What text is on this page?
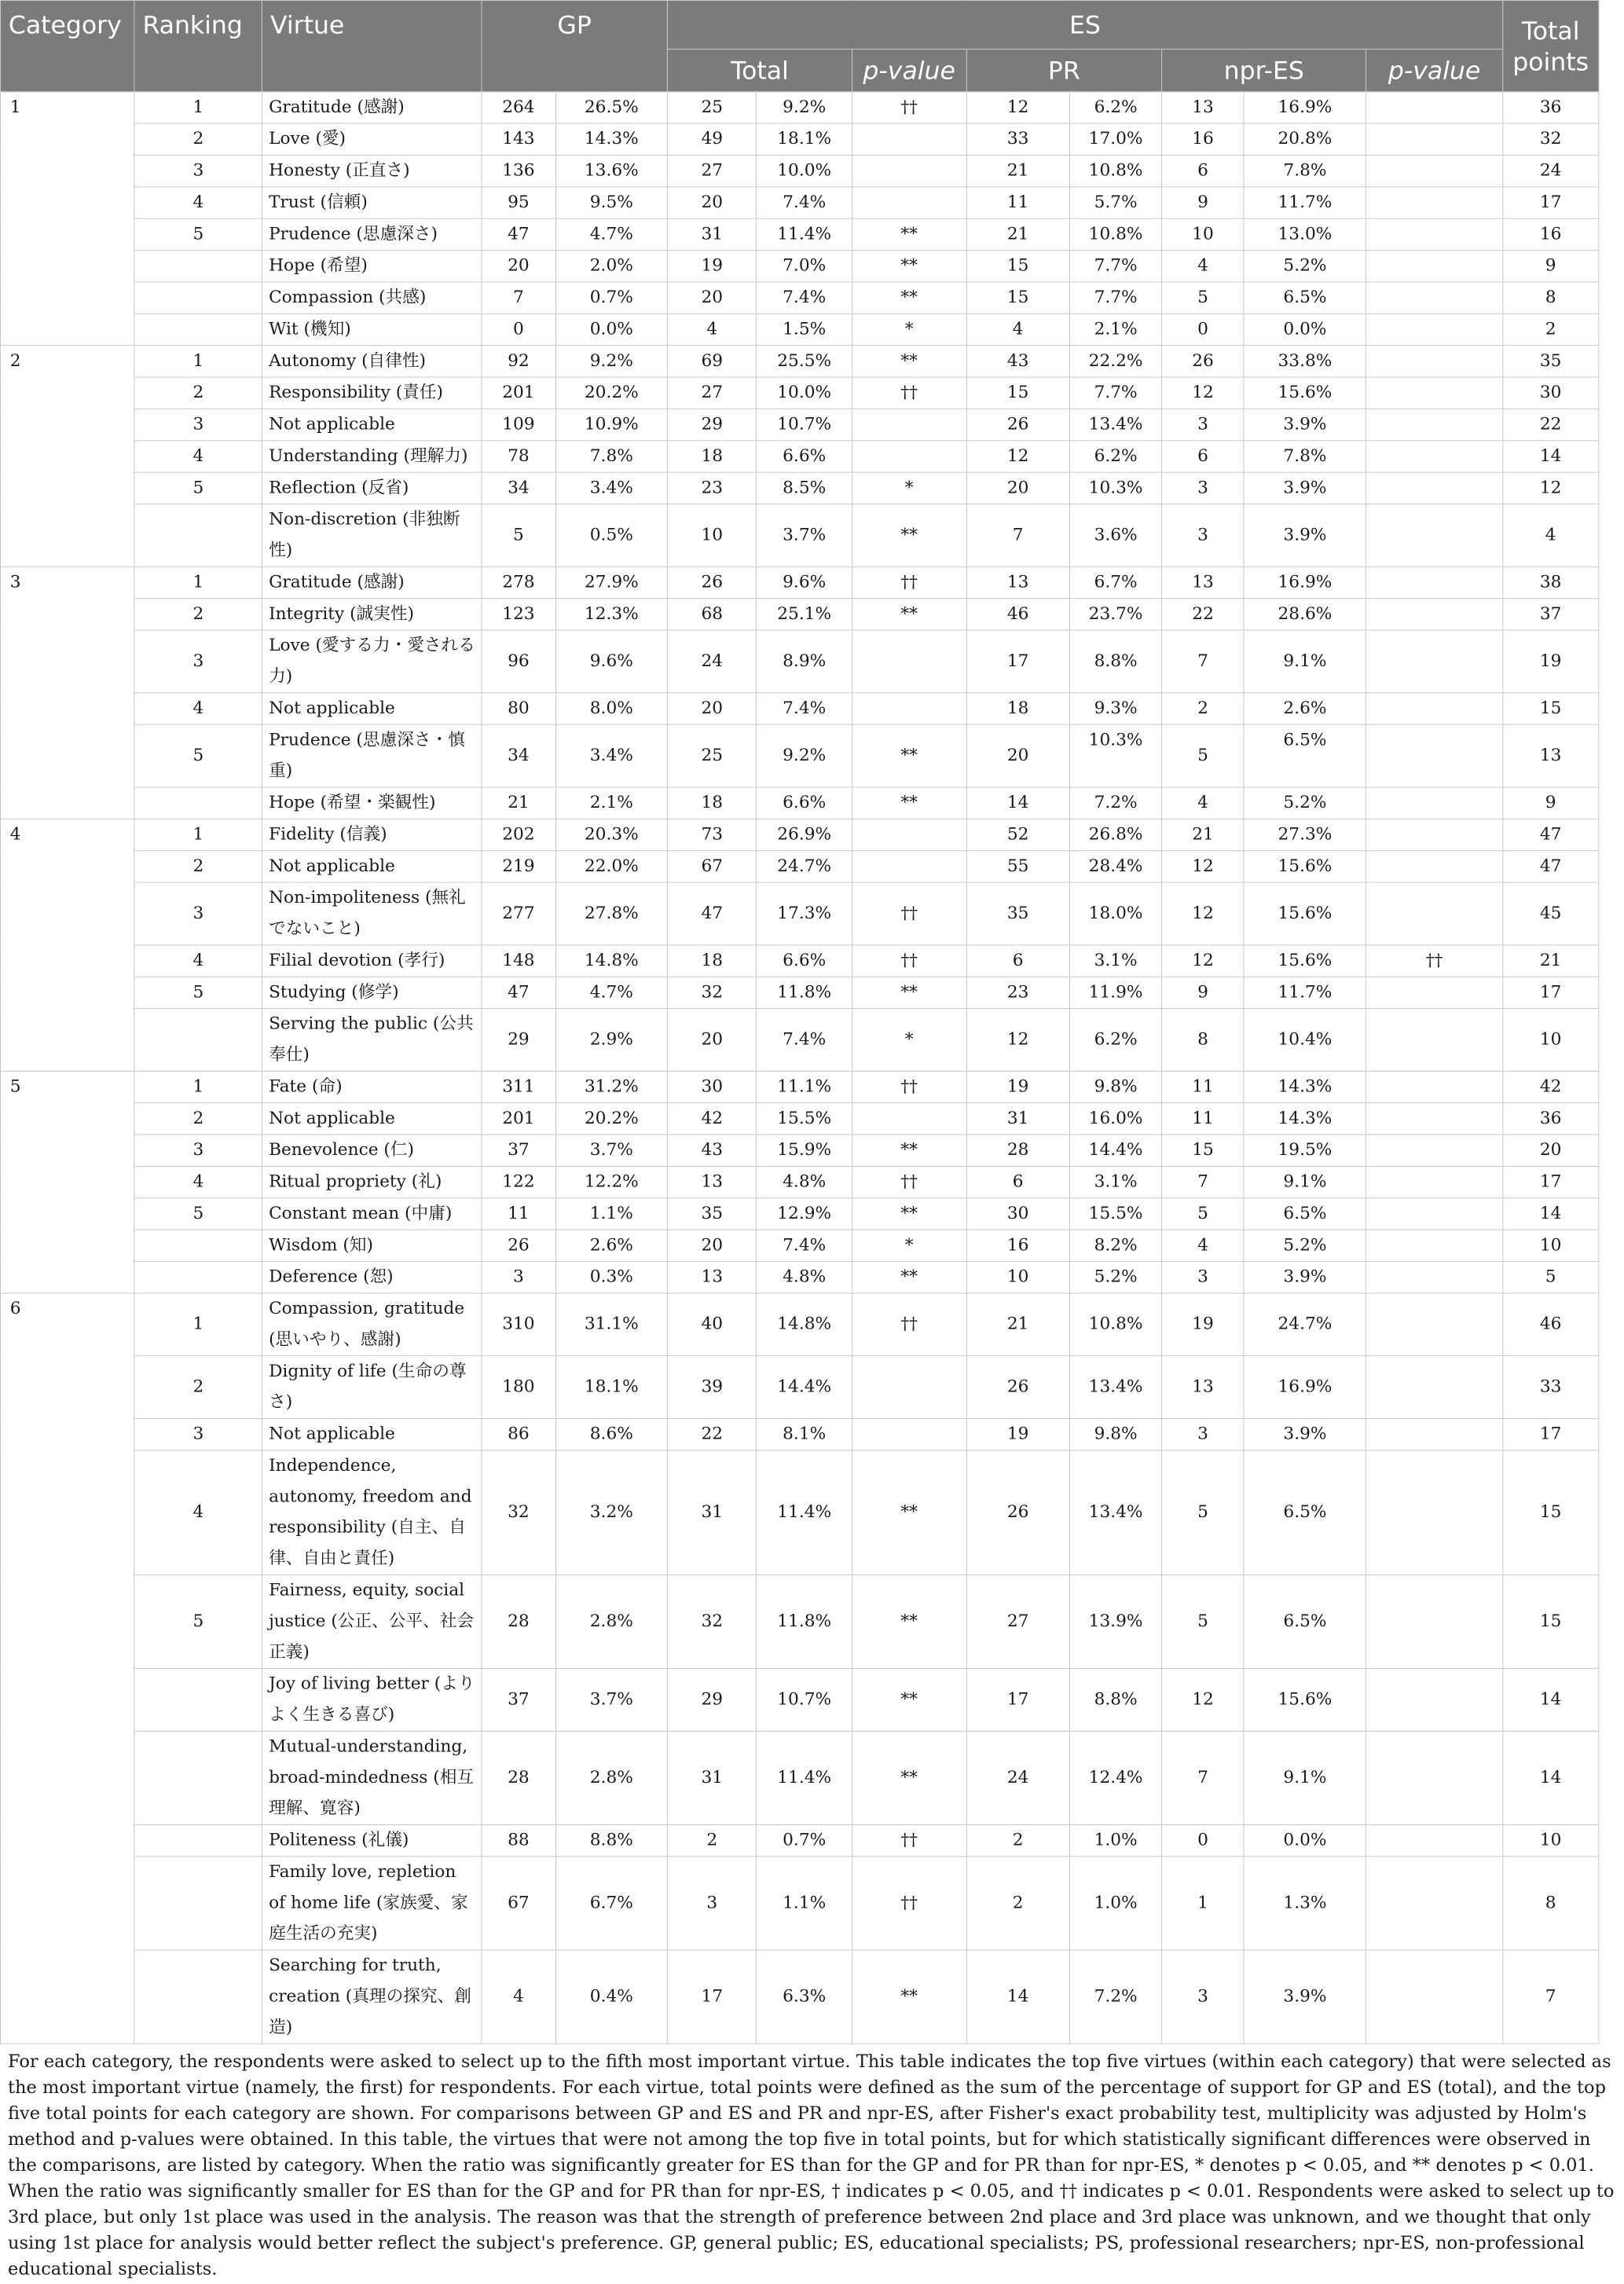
Category	Ranking	Virtue	GP		ES								Total points
					Total		p-value	PR		npr-ES		p-value	
1	1	Gratitude (感謝)	264	26.5%	25	9.2%	††	12	6.2%	13	16.9%		36
	2	Love (愛)	143	14.3%	49	18.1%		33	17.0%	16	20.8%		32
	3	Honesty (正直さ)	136	13.6%	27	10.0%		21	10.8%	6	7.8%		24
	4	Trust (信頼)	95	9.5%	20	7.4%		11	5.7%	9	11.7%		17
	5	Prudence (思慮深さ)	47	4.7%	31	11.4%	**	21	10.8%	10	13.0%		16
		Hope (希望)	20	2.0%	19	7.0%	**	15	7.7%	4	5.2%		9
		Compassion (共感)	7	0.7%	20	7.4%	**	15	7.7%	5	6.5%		8
		Wit (機知)	0	0.0%	4	1.5%	*	4	2.1%	0	0.0%		2
2	1	Autonomy (自律性)	92	9.2%	69	25.5%	**	43	22.2%	26	33.8%		35
	2	Responsibility (責任)	201	20.2%	27	10.0%	††	15	7.7%	12	15.6%		30
	3	Not applicable	109	10.9%	29	10.7%		26	13.4%	3	3.9%		22
	4	Understanding (理解力)	78	7.8%	18	6.6%		12	6.2%	6	7.8%		14
	5	Reflection (反省)	34	3.4%	23	8.5%	*	20	10.3%	3	3.9%		12
		Non-discretion (非独断性)	5	0.5%	10	3.7%	**	7	3.6%	3	3.9%		4
3	1	Gratitude (感謝)	278	27.9%	26	9.6%	††	13	6.7%	13	16.9%		38
	2	Integrity (誠実性)	123	12.3%	68	25.1%	**	46	23.7%	22	28.6%		37
	3	Love (愛する力・愛される力)	96	9.6%	24	8.9%		17	8.8%	7	9.1%		19
	4	Not applicable	80	8.0%	20	7.4%		18	9.3%	2	2.6%		15
	5	Prudence (思慮深さ・慎重)	34	3.4%	25	9.2%	**	20	10.3%	5	6.5%		13
		Hope (希望・楽観性)	21	2.1%	18	6.6%	**	14	7.2%	4	5.2%		9
4	1	Fidelity (信義)	202	20.3%	73	26.9%		52	26.8%	21	27.3%		47
	2	Not applicable	219	22.0%	67	24.7%		55	28.4%	12	15.6%		47
	3	Non-impoliteness (無礼でないこと)	277	27.8%	47	17.3%	††	35	18.0%	12	15.6%		45
	4	Filial devotion (孝行)	148	14.8%	18	6.6%	††	6	3.1%	12	15.6%	††	21
	5	Studying (修学)	47	4.7%	32	11.8%	**	23	11.9%	9	11.7%		17
		Serving the public (公共奉仕)	29	2.9%	20	7.4%	*	12	6.2%	8	10.4%		10
5	1	Fate (命)	311	31.2%	30	11.1%	††	19	9.8%	11	14.3%		42
	2	Not applicable	201	20.2%	42	15.5%		31	16.0%	11	14.3%		36
	3	Benevolence (仁)	37	3.7%	43	15.9%	**	28	14.4%	15	19.5%		20
	4	Ritual propriety (礼)	122	12.2%	13	4.8%	††	6	3.1%	7	9.1%		17
	5	Constant mean (中庸)	11	1.1%	35	12.9%	**	30	15.5%	5	6.5%		14
		Wisdom (知)	26	2.6%	20	7.4%	*	16	8.2%	4	5.2%		10
		Deference (恕)	3	0.3%	13	4.8%	**	10	5.2%	3	3.9%		5
6	1	Compassion, gratitude (思いやり、感謝)	310	31.1%	40	14.8%	††	21	10.8%	19	24.7%		46
	2	Dignity of life (生命の尊さ)	180	18.1%	39	14.4%		26	13.4%	13	16.9%		33
	3	Not applicable	86	8.6%	22	8.1%		19	9.8%	3	3.9%		17
	4	Independence, autonomy, freedom and responsibility (自主、自律、自由と責任)	32	3.2%	31	11.4%	**	26	13.4%	5	6.5%		15
	5	Fairness, equity, social justice (公正、公平、社会正義)	28	2.8%	32	11.8%	**	27	13.9%	5	6.5%		15
		Joy of living better (よりよく生きる喜び)	37	3.7%	29	10.7%	**	17	8.8%	12	15.6%		14
		Mutual-understanding, broad-mindedness (相互理解、寛容)	28	2.8%	31	11.4%	**	24	12.4%	7	9.1%		14
		Politeness (礼儀)	88	8.8%	2	0.7%	††	2	1.0%	0	0.0%		10
		Family love, repletion of home life (家族愛、家庭生活の充実)	67	6.7%	3	1.1%	††	2	1.0%	1	1.3%		8
		Searching for truth, creation (真理の探究、創造)	4	0.4%	17	6.3%	**	14	7.2%	3	3.9%		7

For each category, the respondents were asked to select up to the fifth most important virtue. This table indicates the top five virtues (within each category) that were selected as the most important virtue (namely, the first) for respondents. For each virtue, total points were defined as the sum of the percentage of support for GP and ES (total), and the top five total points for each category are shown. For comparisons between GP and ES and PR and npr-ES, after Fisher's exact probability test, multiplicity was adjusted by Holm's method and p-values were obtained. In this table, the virtues that were not among the top five in total points, but for which statistically significant differences were observed in the comparisons, are listed by category. When the ratio was significantly greater for ES than for the GP and for PR than for npr-ES, * denotes p < 0.05, and ** denotes p < 0.01. When the ratio was significantly smaller for ES than for the GP and for PR than for npr-ES, † indicates p < 0.05, and †† indicates p < 0.01. Respondents were asked to select up to 3rd place, but only 1st place was used in the analysis. The reason was that the strength of preference between 2nd place and 3rd place was unknown, and we thought that only using 1st place for analysis would better reflect the subject's preference. GP, general public; ES, educational specialists; PS, professional researchers; npr-ES, non-professional educational specialists.
